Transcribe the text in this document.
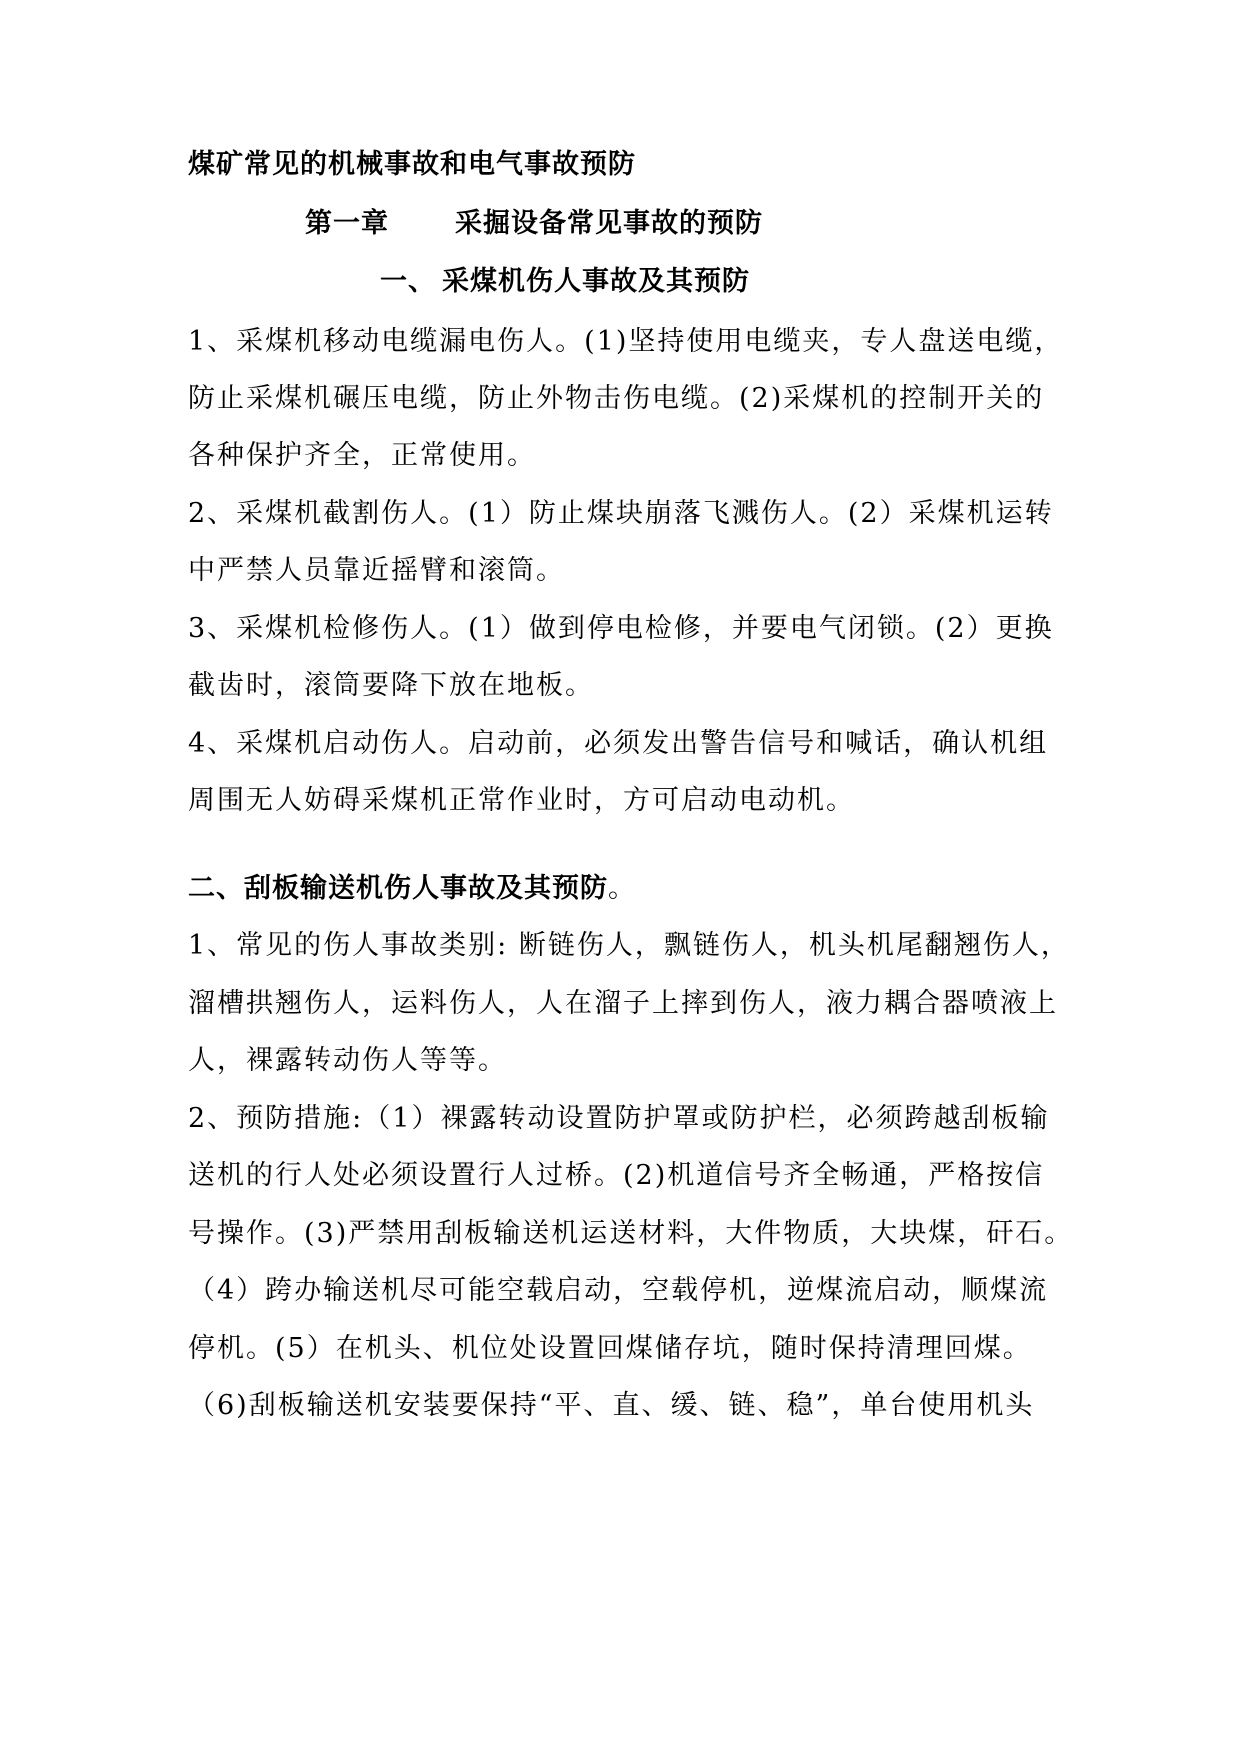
煤矿常见的机械事故和电气事故预防
第一章 采掘设备常见事故的预防
一、 采煤机伤人事故及其预防
1、采煤机移动电缆漏电伤人。(1)坚持使用电缆夹，专人盘送电缆，
防止采煤机碾压电缆，防止外物击伤电缆。(2)采煤机的控制开关的
各种保护齐全，正常使用。
2、采煤机截割伤人。(1）防止煤块崩落飞溅伤人。(2）采煤机运转
中严禁人员靠近摇臂和滚筒。
3、采煤机检修伤人。(1）做到停电检修，并要电气闭锁。(2）更换
截齿时，滚筒要降下放在地板。
4、采煤机启动伤人。启动前，必须发出警告信号和喊话，确认机组
周围无人妨碍采煤机正常作业时，方可启动电动机。
二、刮板输送机伤人事故及其预防。
1、常见的伤人事故类别: 断链伤人，飘链伤人，机头机尾翻翘伤人，
溜槽拱翘伤人，运料伤人，人在溜子上摔到伤人，液力耦合器喷液上
人，裸露转动伤人等等。
2、预防措施:（1）裸露转动设置防护罩或防护栏，必须跨越刮板输
送机的行人处必须设置行人过桥。(2)机道信号齐全畅通，严格按信
号操作。(3)严禁用刮板输送机运送材料，大件物质，大块煤，矸石。
（4）跨办输送机尽可能空载启动，空载停机，逆煤流启动，顺煤流
停机。(5）在机头、机位处设置回煤储存坑，随时保持清理回煤。
（6)刮板输送机安装要保持“平、直、缓、链、稳”，单台使用机头
